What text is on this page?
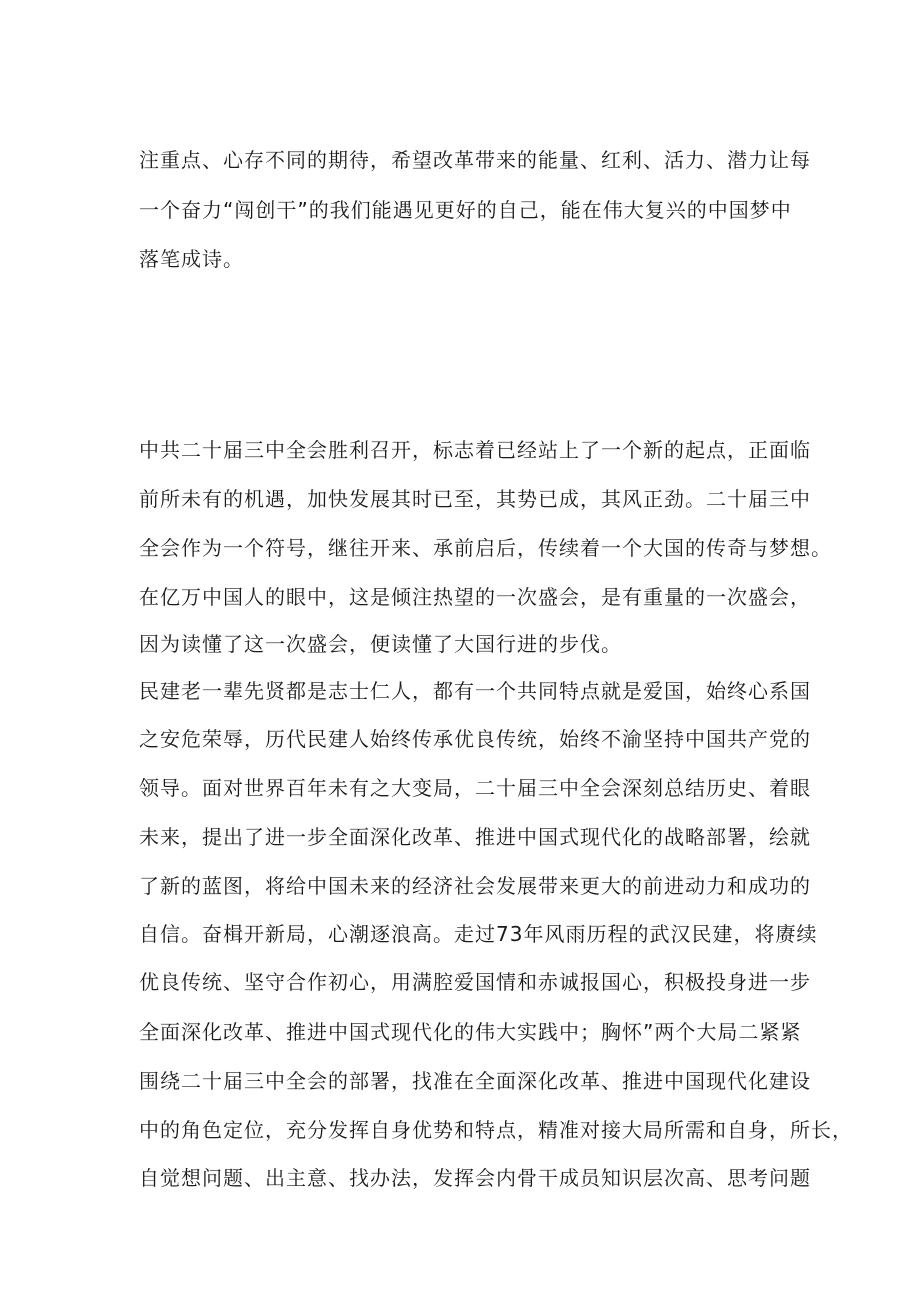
注重点、心存不同的期待，希望改革带来的能量、红利、活力、潜力让每
一个奋力“闯创干”的我们能遇见更好的自己，能在伟大复兴的中国梦中
落笔成诗。
中共二十届三中全会胜利召开，标志着已经站上了一个新的起点，正面临
前所未有的机遇，加快发展其时已至，其势已成，其风正劲。二十届三中
全会作为一个符号，继往开来、承前启后，传续着一个大国的传奇与梦想。
在亿万中国人的眼中，这是倾注热望的一次盛会，是有重量的一次盛会，
因为读懂了这一次盛会，便读懂了大国行进的步伐。
民建老一辈先贤都是志士仁人，都有一个共同特点就是爱国，始终心系国
之安危荣辱，历代民建人始终传承优良传统，始终不渝坚持中国共产党的
领导。面对世界百年未有之大变局，二十届三中全会深刻总结历史、着眼
未来，提出了进一步全面深化改革、推进中国式现代化的战略部署，绘就
了新的蓝图，将给中国未来的经济社会发展带来更大的前进动力和成功的
自信。奋楫开新局，心潮逐浪高。走过73年风雨历程的武汉民建，将赓续
优良传统、坚守合作初心，用满腔爱国情和赤诚报国心，积极投身进一步
全面深化改革、推进中国式现代化的伟大实践中；胸怀”两个大局二紧紧
围绕二十届三中全会的部署，找准在全面深化改革、推进中国现代化建设
中的角色定位，充分发挥自身优势和特点，精准对接大局所需和自身，所长，
自觉想问题、出主意、找办法，发挥会内骨干成员知识层次高、思考问题
